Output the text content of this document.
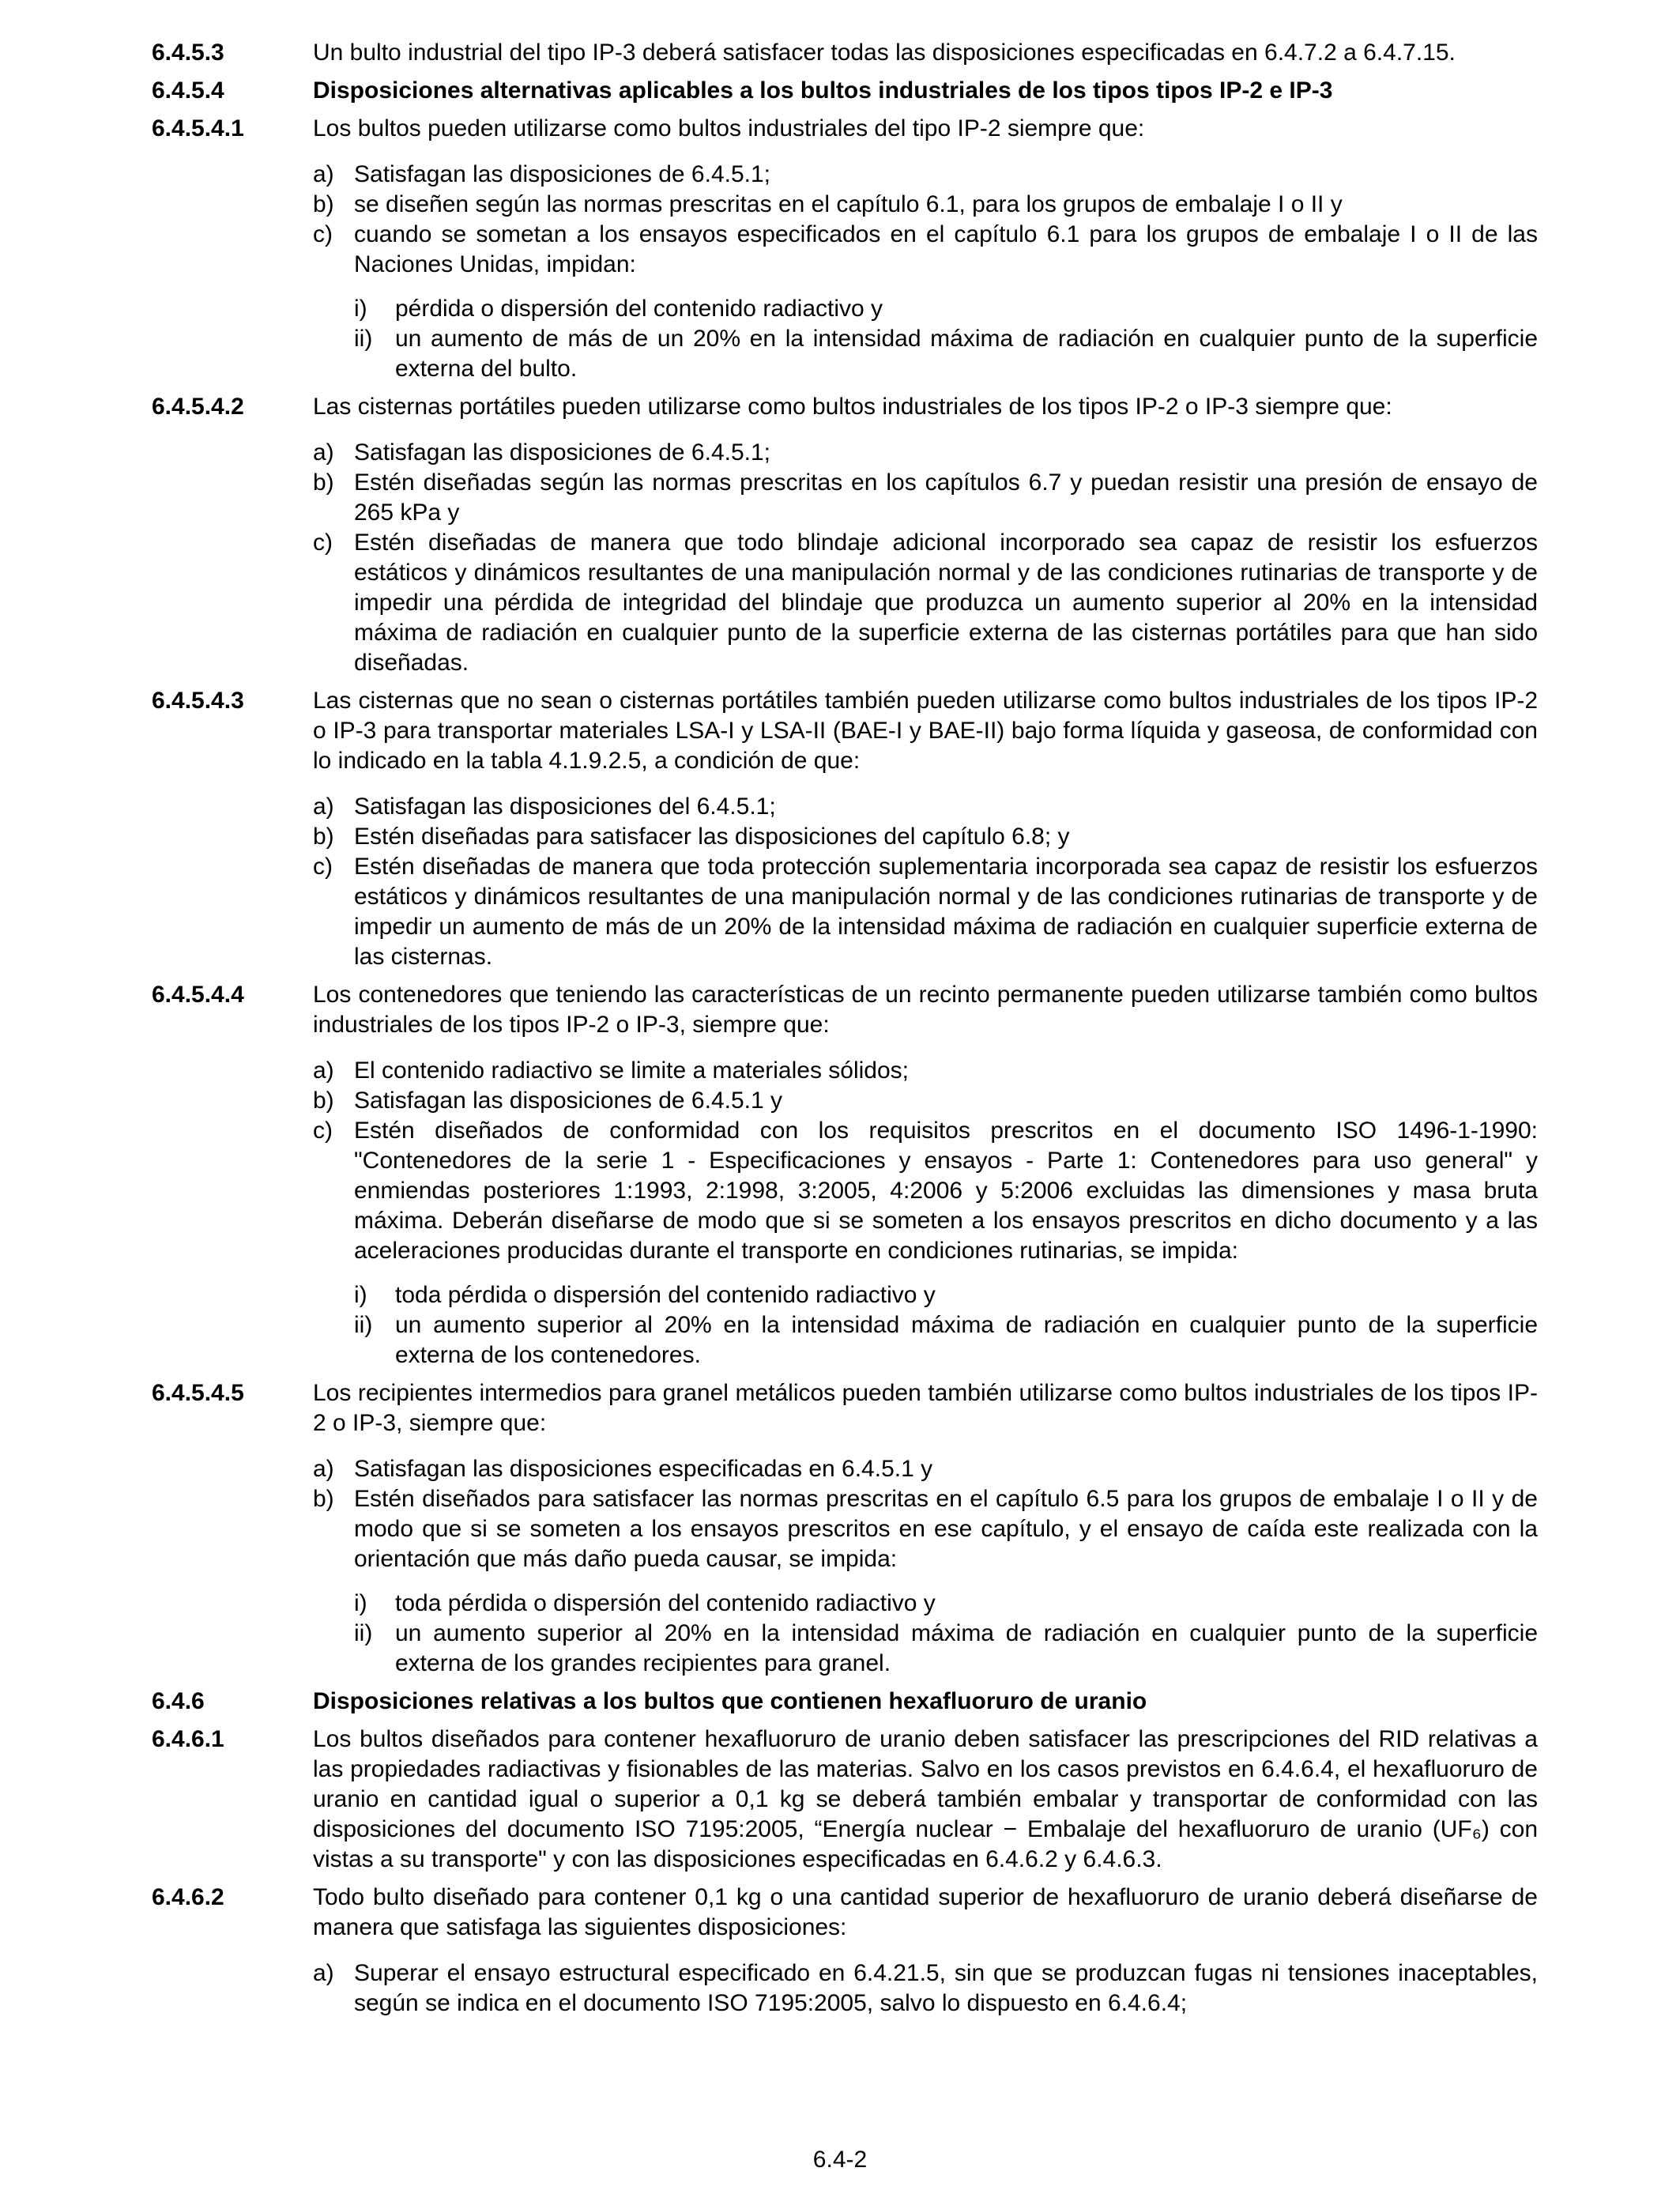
6.4.5.3	Un bulto industrial del tipo IP-3 deberá satisfacer todas las disposiciones especificadas en 6.4.7.2 a 6.4.7.15.
6.4.5.4	Disposiciones alternativas aplicables a los bultos industriales de los tipos tipos IP-2 e IP-3
6.4.5.4.1	Los bultos pueden utilizarse como bultos industriales del tipo IP-2 siempre que:
a) Satisfagan las disposiciones de 6.4.5.1;
b) se diseñen según las normas prescritas en el capítulo 6.1, para los grupos de embalaje I o II y
c) cuando se sometan a los ensayos especificados en el capítulo 6.1 para los grupos de embalaje I o II de las Naciones Unidas, impidan:
i)	pérdida o dispersión del contenido radiactivo y
ii) un aumento de más de un 20% en la intensidad máxima de radiación en cualquier punto de la superficie externa del bulto.
6.4.5.4.2	Las cisternas portátiles pueden utilizarse como bultos industriales de los tipos IP-2 o IP-3 siempre que:
a) Satisfagan las disposiciones de 6.4.5.1;
b) Estén diseñadas según las normas prescritas en los capítulos 6.7 y puedan resistir una presión de ensayo de 265 kPa y
c) Estén diseñadas de manera que todo blindaje adicional incorporado sea capaz de resistir los esfuerzos estáticos y dinámicos resultantes de una manipulación normal y de las condiciones rutinarias de transporte y de impedir una pérdida de integridad del blindaje que produzca un aumento superior al 20% en la intensidad máxima de radiación en cualquier punto de la superficie externa de las cisternas portátiles para que han sido diseñadas.
6.4.5.4.3	Las cisternas que no sean o cisternas portátiles también pueden utilizarse como bultos industriales de los tipos IP-2 o IP-3 para transportar materiales LSA-I y LSA-II (BAE-I y BAE-II) bajo forma líquida y gaseosa, de conformidad con lo indicado en la tabla 4.1.9.2.5, a condición de que:
a) Satisfagan las disposiciones del 6.4.5.1;
b) Estén diseñadas para satisfacer las disposiciones del capítulo 6.8; y
c) Estén diseñadas de manera que toda protección suplementaria incorporada sea capaz de resistir los esfuerzos estáticos y dinámicos resultantes de una manipulación normal y de las condiciones rutinarias de transporte y de impedir un aumento de más de un 20% de la intensidad máxima de radiación en cualquier superficie externa de las cisternas.
6.4.5.4.4	Los contenedores que teniendo las características de un recinto permanente pueden utilizarse también como bultos industriales de los tipos IP-2 o IP-3, siempre que:
a) El contenido radiactivo se limite a materiales sólidos;
b) Satisfagan las disposiciones de 6.4.5.1 y
c) Estén diseñados de conformidad con los requisitos prescritos en el documento ISO 1496-1-1990: "Contenedores de la serie 1 - Especificaciones y ensayos - Parte 1: Contenedores para uso general" y enmiendas posteriores 1:1993, 2:1998, 3:2005, 4:2006 y 5:2006 excluidas las dimensiones y masa bruta máxima. Deberán diseñarse de modo que si se someten a los ensayos prescritos en dicho documento y a las aceleraciones producidas durante el transporte en condiciones rutinarias, se impida:
i)	toda pérdida o dispersión del contenido radiactivo y
ii) un aumento superior al 20% en la intensidad máxima de radiación en cualquier punto de la superficie externa de los contenedores.
6.4.5.4.5	Los recipientes intermedios para granel metálicos pueden también utilizarse como bultos industriales de los tipos IP-2 o IP-3, siempre que:
a) Satisfagan las disposiciones especificadas en 6.4.5.1 y
b) Estén diseñados para satisfacer las normas prescritas en el capítulo 6.5 para los grupos de embalaje I o II y de modo que si se someten a los ensayos prescritos en ese capítulo, y el ensayo de caída este realizada con la orientación que más daño pueda causar, se impida:
i)	toda pérdida o dispersión del contenido radiactivo y
ii) un aumento superior al 20% en la intensidad máxima de radiación en cualquier punto de la superficie externa de los grandes recipientes para granel.
6.4.6	Disposiciones relativas a los bultos que contienen hexafluoruro de uranio
6.4.6.1	Los bultos diseñados para contener hexafluoruro de uranio deben satisfacer las prescripciones del RID relativas a las propiedades radiactivas y fisionables de las materias. Salvo en los casos previstos en 6.4.6.4, el hexafluoruro de uranio en cantidad igual o superior a 0,1 kg se deberá también embalar y transportar de conformidad con las disposiciones del documento ISO 7195:2005, “Energía nuclear − Embalaje del hexafluoruro de uranio (UF₆) con vistas a su transporte" y con las disposiciones especificadas en 6.4.6.2 y 6.4.6.3.
6.4.6.2	Todo bulto diseñado para contener 0,1 kg o una cantidad superior de hexafluoruro de uranio deberá diseñarse de manera que satisfaga las siguientes disposiciones:
a) Superar el ensayo estructural especificado en 6.4.21.5, sin que se produzcan fugas ni tensiones inaceptables, según se indica en el documento ISO 7195:2005, salvo lo dispuesto en 6.4.6.4;
6.4-2
